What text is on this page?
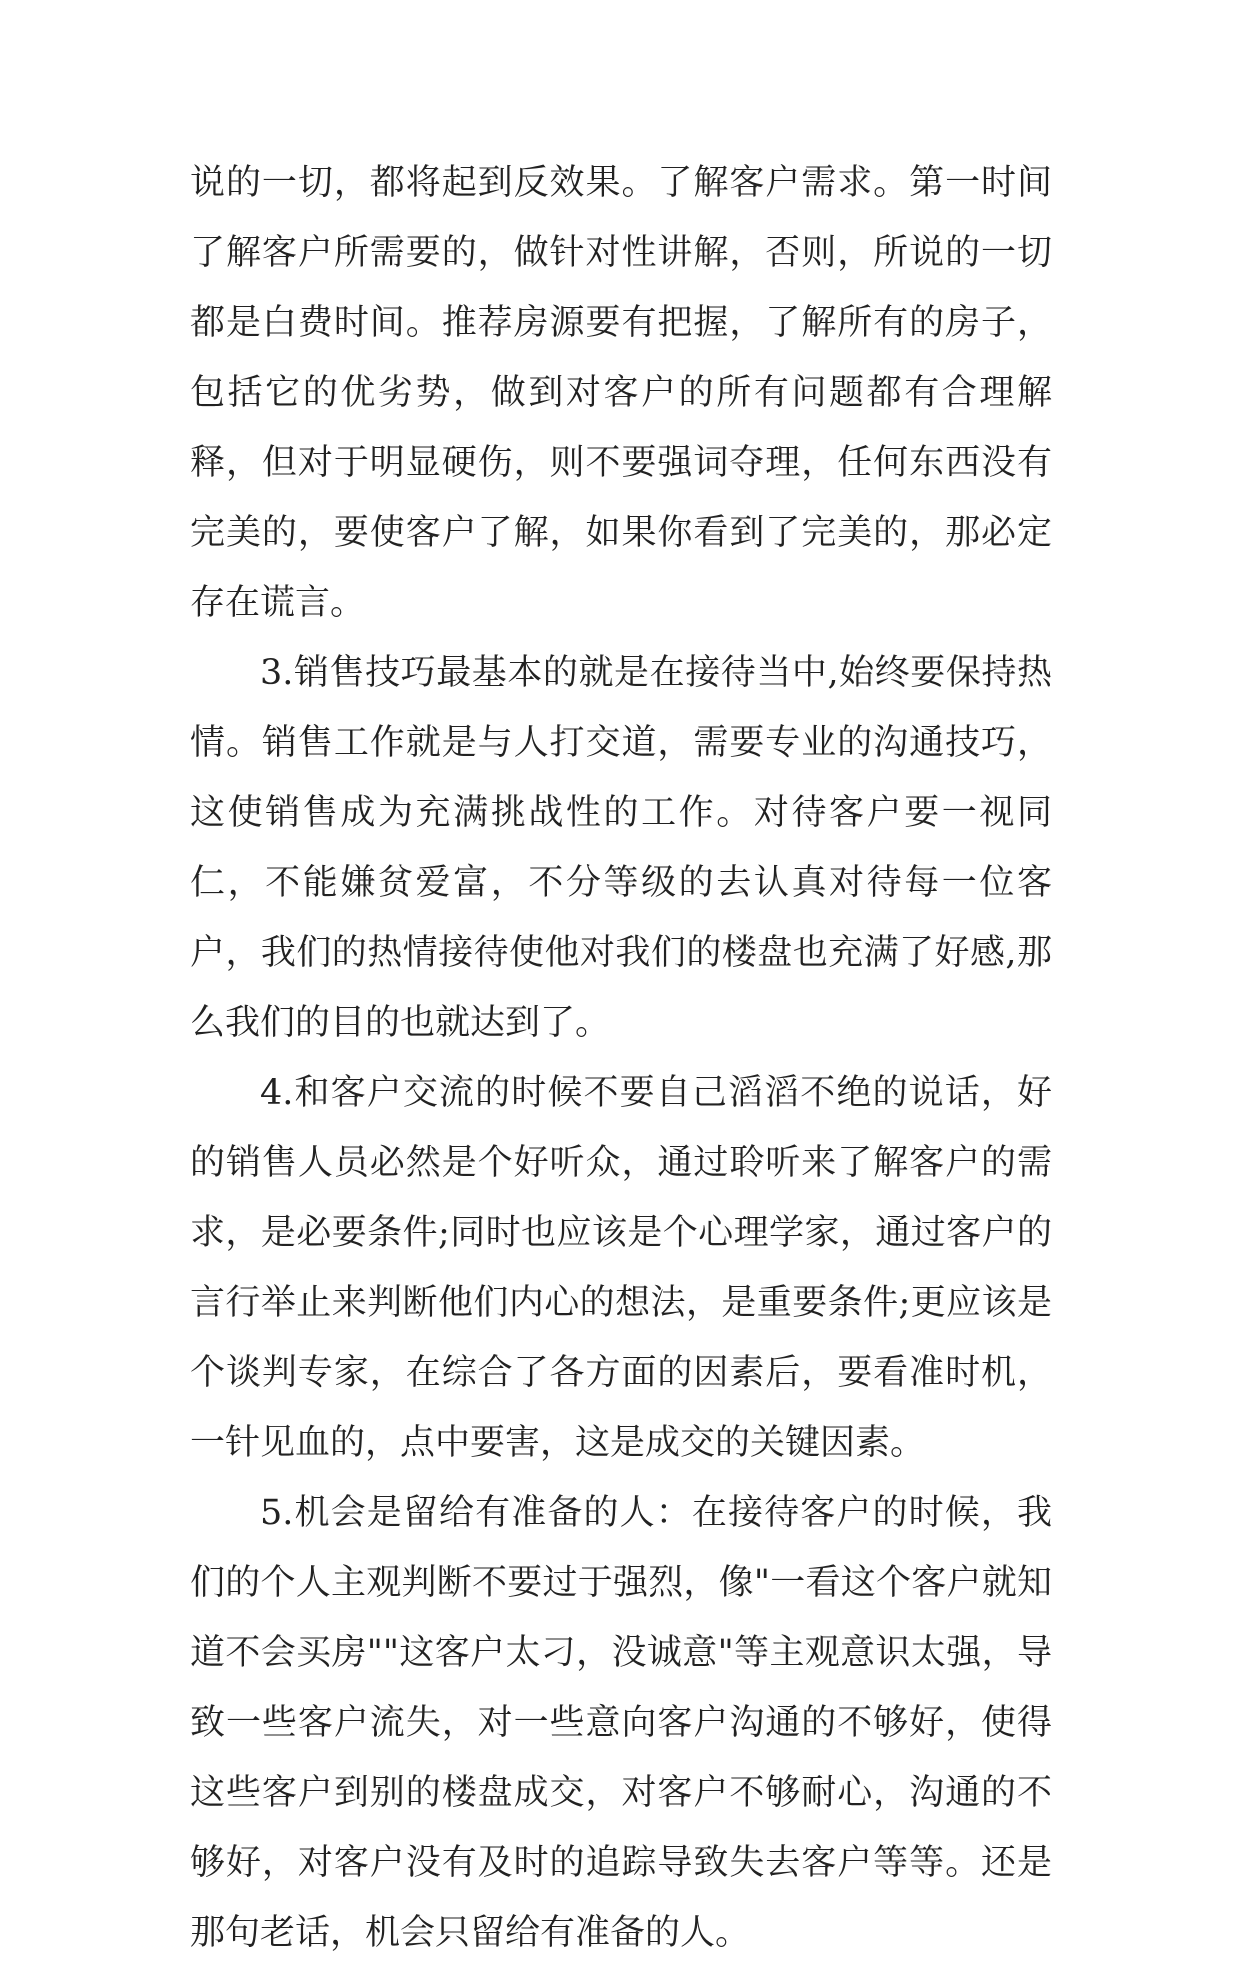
说的一切，都将起到反效果。了解客户需求。第一时间了解客户所需要的，做针对性讲解，否则，所说的一切都是白费时间。推荐房源要有把握，了解所有的房子，包括它的优劣势，做到对客户的所有问题都有合理解释，但对于明显硬伤，则不要强词夺理，任何东西没有完美的，要使客户了解，如果你看到了完美的，那必定存在谎言。

3.销售技巧最基本的就是在接待当中,始终要保持热情。销售工作就是与人打交道，需要专业的沟通技巧，这使销售成为充满挑战性的工作。对待客户要一视同仁，不能嫌贫爱富，不分等级的去认真对待每一位客户，我们的热情接待使他对我们的楼盘也充满了好感,那么我们的目的也就达到了。

4.和客户交流的时候不要自己滔滔不绝的说话，好的销售人员必然是个好听众，通过聆听来了解客户的需求，是必要条件;同时也应该是个心理学家，通过客户的言行举止来判断他们内心的想法，是重要条件;更应该是个谈判专家，在综合了各方面的因素后，要看准时机，一针见血的，点中要害，这是成交的关键因素。

5.机会是留给有准备的人：在接待客户的时候，我们的个人主观判断不要过于强烈，像"一看这个客户就知道不会买房""这客户太刁，没诚意"等主观意识太强，导致一些客户流失，对一些意向客户沟通的不够好，使得这些客户到别的楼盘成交，对客户不够耐心，沟通的不够好，对客户没有及时的追踪导致失去客户等等。还是那句老话，机会只留给有准备的人。
